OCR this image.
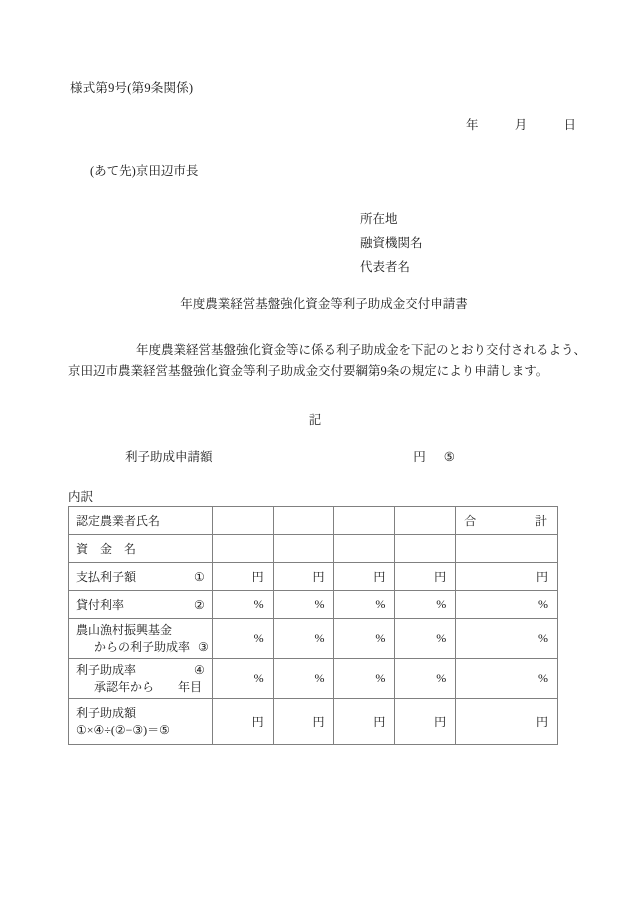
様式第9号(第9条関係)
年	月	日
(あて先)京田辺市長
所在地
融資機関名
代表者名
年度農業経営基盤強化資金等利子助成金交付申請書
年度農業経営基盤強化資金等に係る利子助成金を下記のとおり交付されるよう、
京田辺市農業経営基盤強化資金等利子助成金交付要綱第9条の規定により申請します。
記
利子助成申請額	円	⑤
内訳
認定農業者氏名					合 計

資　金　名					

支払利子額 ①	円	円	円	円	円

貸付利率 ②	%	%	%	%	%

農山漁村振興基金
からの利子助成率 ③	%	%	%	%	%

利子助成率 ④
承認年から　　年目	%	%	%	%	%

利子助成額
①×④÷(②−③)＝⑤	円	円	円	円	円
